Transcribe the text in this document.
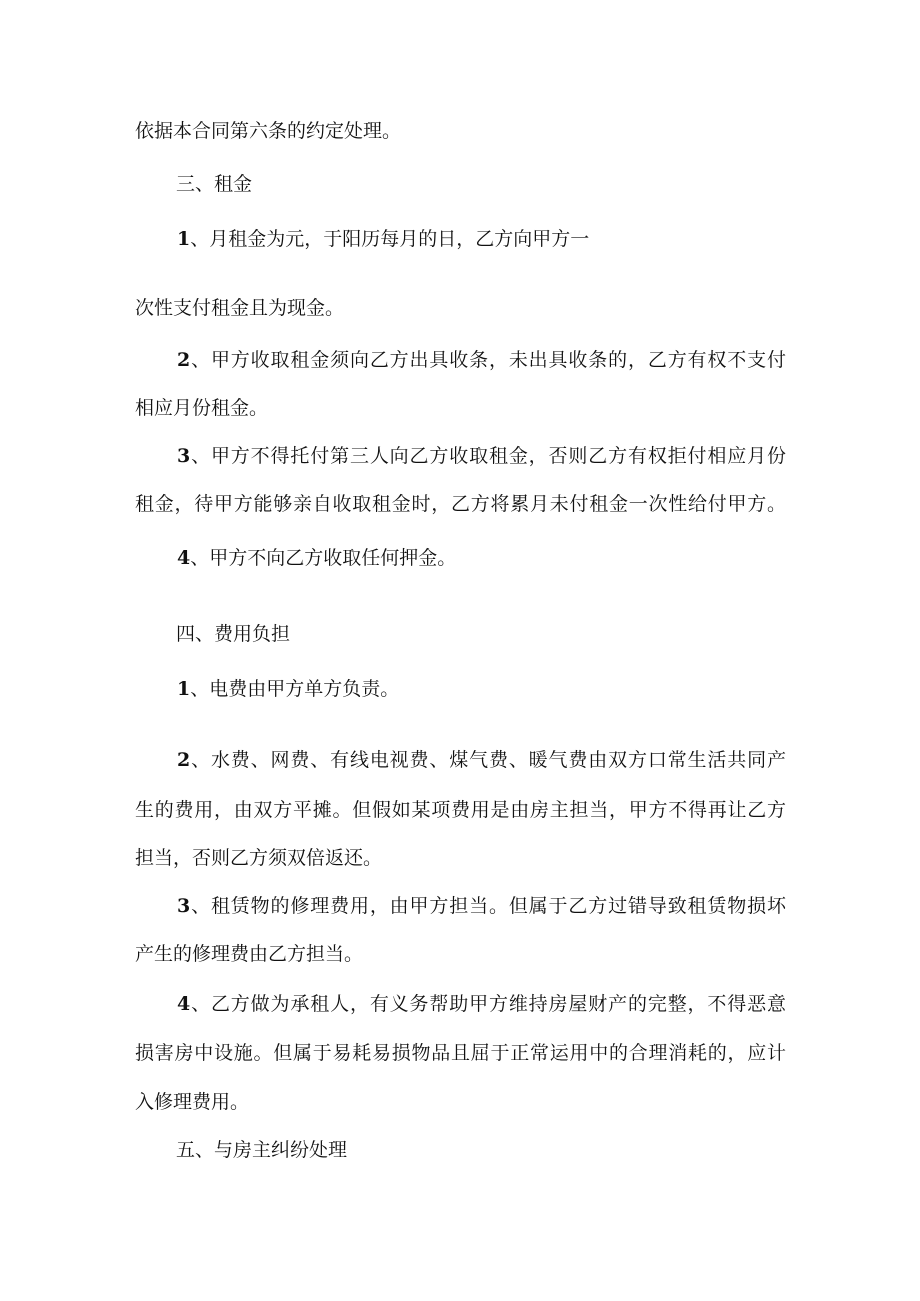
依据本合同第六条的约定处理。
三、租金
1、月租金为元，于阳历每月的日，乙方向甲方一
次性支付租金且为现金。
2、甲方收取租金须向乙方出具收条，未出具收条的，乙方有权不支付
相应月份租金。
3、甲方不得托付第三人向乙方收取租金，否则乙方有权拒付相应月份
租金，待甲方能够亲自收取租金时，乙方将累月未付租金一次性给付甲方。
4、甲方不向乙方收取任何押金。
四、费用负担
1、电费由甲方单方负责。
2、水费、网费、有线电视费、煤气费、暖气费由双方口常生活共同产
生的费用，由双方平摊。但假如某项费用是由房主担当，甲方不得再让乙方
担当，否则乙方须双倍返还。
3、租赁物的修理费用，由甲方担当。但属于乙方过错导致租赁物损坏
产生的修理费由乙方担当。
4、乙方做为承租人，有义务帮助甲方维持房屋财产的完整，不得恶意
损害房中设施。但属于易耗易损物品且屈于正常运用中的合理消耗的，应计
入修理费用。
五、与房主纠纷处理
